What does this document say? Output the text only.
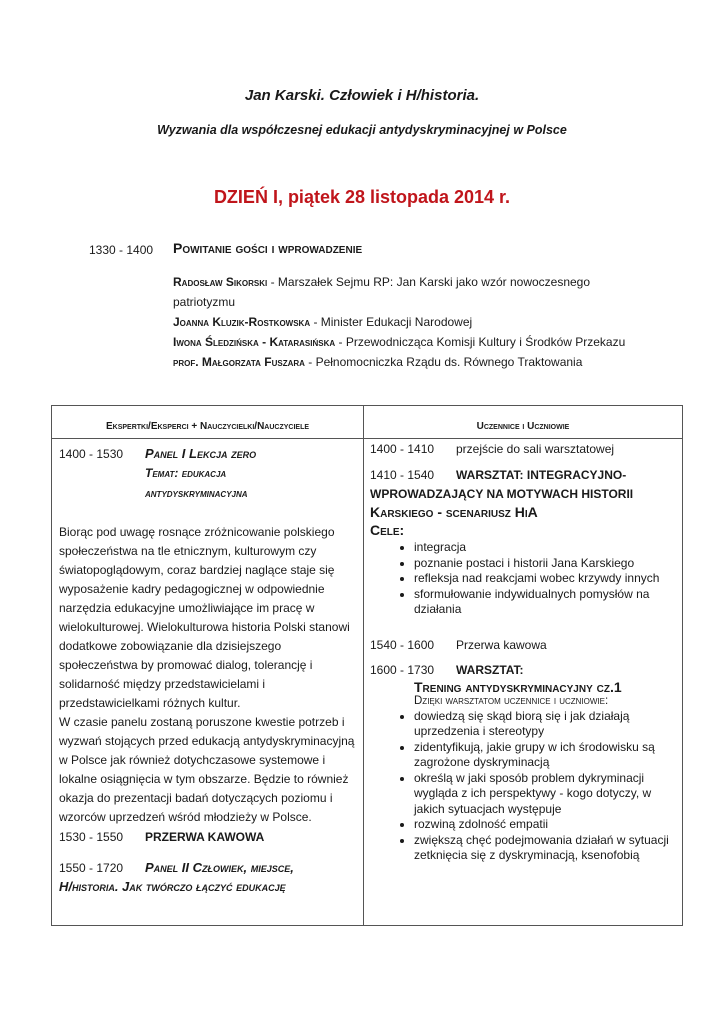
Jan Karski. Człowiek i H/historia.
Wyzwania dla współczesnej edukacji antydyskryminacyjnej w Polsce
DZIEŃ I, piątek 28 listopada 2014 r.
1330 - 1400 Powitanie gości i wprowadzenie
Radosław Sikorski - Marszałek Sejmu RP: Jan Karski jako wzór nowoczesnego patriotyzmu
Joanna Kluzik-Rostkowska - Minister Edukacji Narodowej
Iwona Śledzińska - Katarasińska - Przewodnicząca Komisji Kultury i Środków Przekazu
prof. Małgorzata Fuszara - Pełnomocniczka Rządu ds. Równego Traktowania
Ekspertki/Eksperci + Nauczycielki/Nauczyciele	Uczennice i Uczniowie
1400 - 1530 Panel I Lekcja zero
Temat: edukacja antydyskryminacyjna
Biorąc pod uwagę rosnące zróżnicowanie polskiego społeczeństwa na tle etnicznym, kulturowym czy światopoglądowym, coraz bardziej naglące staje się wyposażenie kadry pedagogicznej w odpowiednie narzędzia edukacyjne umożliwiające im pracę w wielokulturowej. Wielokulturowa historia Polski stanowi dodatkowe zobowiązanie dla dzisiejszego społeczeństwa by promować dialog, tolerancję i solidarność między przedstawicielami i przedstawicielkami różnych kultur.
W czasie panelu zostaną poruszone kwestie potrzeb i wyzwań stojących przed edukacją antydyskryminacyjną w Polsce jak również dotychczasowe systemowe i lokalne osiągnięcia w tym obszarze. Będzie to również okazja do prezentacji badań dotyczących poziomu i wzorców uprzedzeń wśród młodzieży w Polsce.
1530 - 1550 PRZERWA KAWOWA
1550 - 1720 Panel II Człowiek, miejsce,
H/historia. Jak twórczo łączyć edukację
1400 - 1410 przejście do sali warsztatowej
1410 - 1540 WARSZTAT: INTEGRACYJNO-
WPROWADZAJĄCY NA MOTYWACH HISTORII
Karskiego - scenariusz HiA
Cele:
• integracja
• poznanie postaci i historii Jana Karskiego
• refleksja nad reakcjami wobec krzywdy innych
• sformułowanie indywidualnych pomysłów na działania
1540 - 1600 Przerwa kawowa
1600 - 1730 WARSZTAT:
Trening antydyskryminacyjny cz.1
Dzięki warsztatom uczennice i uczniowie:
• dowiedzą się skąd biorą się i jak działają uprzedzenia i stereotypy
• zidentyfikują, jakie grupy w ich środowisku są zagrożone dyskryminacją
• określą w jaki sposób problem dykryminacji wygląda z ich perspektywy - kogo dotyczy, w jakich sytuacjach występuje
• rozwiną zdolność empatii
• zwiększą chęć podejmowania działań w sytuacji zetknięcia się z dyskryminacją, ksenofobią
